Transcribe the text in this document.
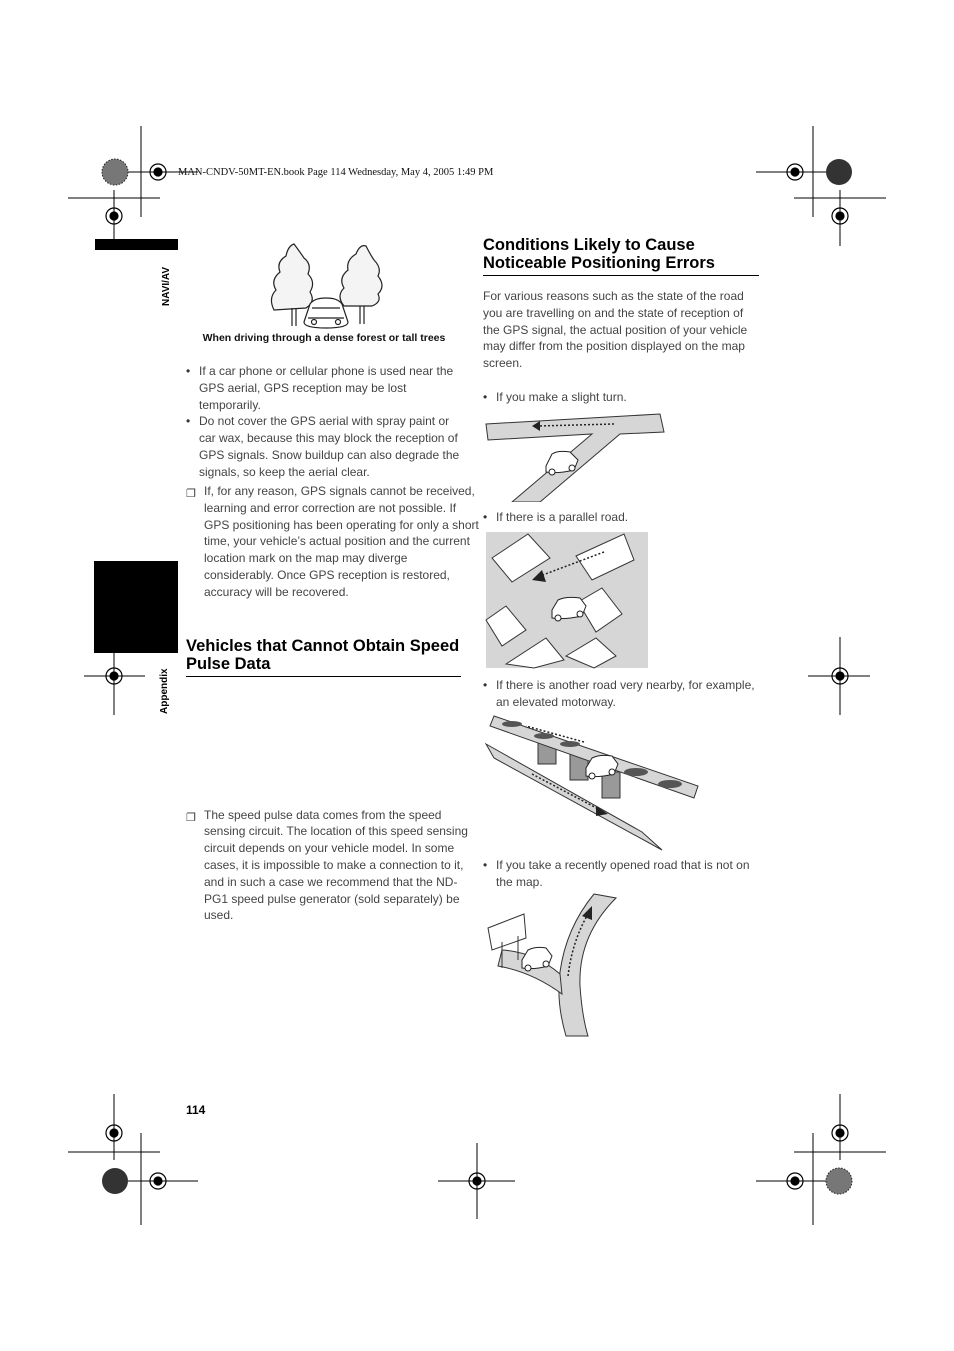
MAN-CNDV-50MT-EN.book Page 114 Wednesday, May 4, 2005 1:49 PM
NAVI/AV
Appendix
When driving through a dense forest or tall trees
• If a car phone or cellular phone is used near the GPS aerial, GPS reception may be lost temporarily.
• Do not cover the GPS aerial with spray paint or car wax, because this may block the reception of GPS signals. Snow buildup can also degrade the signals, so keep the aerial clear.
❐ If, for any reason, GPS signals cannot be received, learning and error correction are not possible. If GPS positioning has been operating for only a short time, your vehicle’s actual position and the current location mark on the map may diverge considerably. Once GPS reception is restored, accuracy will be recovered.
Vehicles that Cannot Obtain Speed Pulse Data
❐ The speed pulse data comes from the speed sensing circuit. The location of this speed sensing circuit depends on your vehicle model. In some cases, it is impossible to make a connection to it, and in such a case we recommend that the ND-PG1 speed pulse generator (sold separately) be used.
114
Conditions Likely to Cause Noticeable Positioning Errors
For various reasons such as the state of the road you are travelling on and the state of reception of the GPS signal, the actual position of your vehicle may differ from the position displayed on the map screen.
• If you make a slight turn.
• If there is a parallel road.
• If there is another road very nearby, for example, an elevated motorway.
• If you take a recently opened road that is not on the map.
